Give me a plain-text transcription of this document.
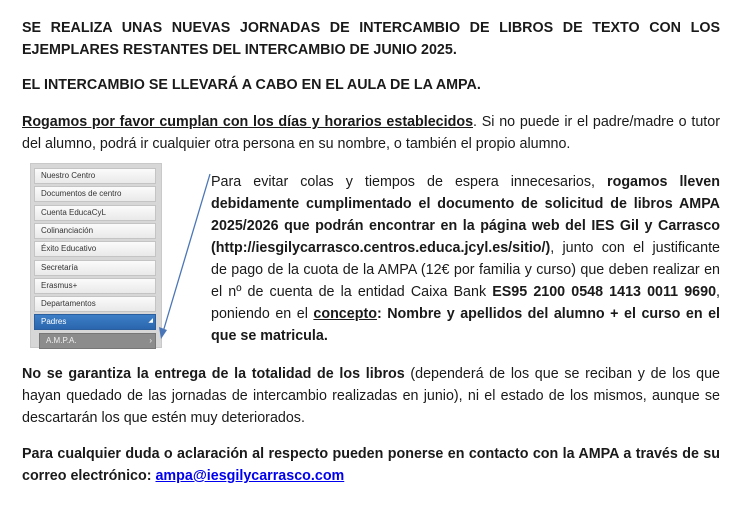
SE REALIZA UNAS NUEVAS JORNADAS DE INTERCAMBIO DE LIBROS DE TEXTO CON LOS EJEMPLARES RESTANTES DEL INTERCAMBIO DE JUNIO 2025.

EL INTERCAMBIO SE LLEVARÁ A CABO EN EL AULA DE LA AMPA.

Rogamos por favor cumplan con los días y horarios establecidos. Si no puede ir el padre/madre o tutor del alumno, podrá ir cualquier otra persona en su nombre, o también el propio alumno.

Nuestro Centro
Documentos de centro
Cuenta EducaCyL
Colinanciación
Éxito Educativo
Secretaría
Erasmus+
Departamentos
Padres	◢
A.M.P.A.	›

Para evitar colas y tiempos de espera innecesarios, rogamos lleven debidamente cumplimentado el documento de solicitud de libros AMPA 2025/2026 que podrán encontrar en la página web del IES Gil y Carrasco (http://iesgilycarrasco.centros.educa.jcyl.es/sitio/), junto con el justificante de pago de la cuota de la AMPA (12€ por familia y curso) que deben realizar en el nº de cuenta de la entidad Caixa Bank ES95 2100 0548 1413 0011 9690, poniendo en el concepto: Nombre y apellidos del alumno + el curso en el que se matricula.

No se garantiza la entrega de la totalidad de los libros (dependerá de los que se reciban y de los que hayan quedado de las jornadas de intercambio realizadas en junio), ni el estado de los mismos, aunque se descartarán los que estén muy deteriorados.

Para cualquier duda o aclaración al respecto pueden ponerse en contacto con la AMPA a través de su correo electrónico: ampa@iesgilycarrasco.com
